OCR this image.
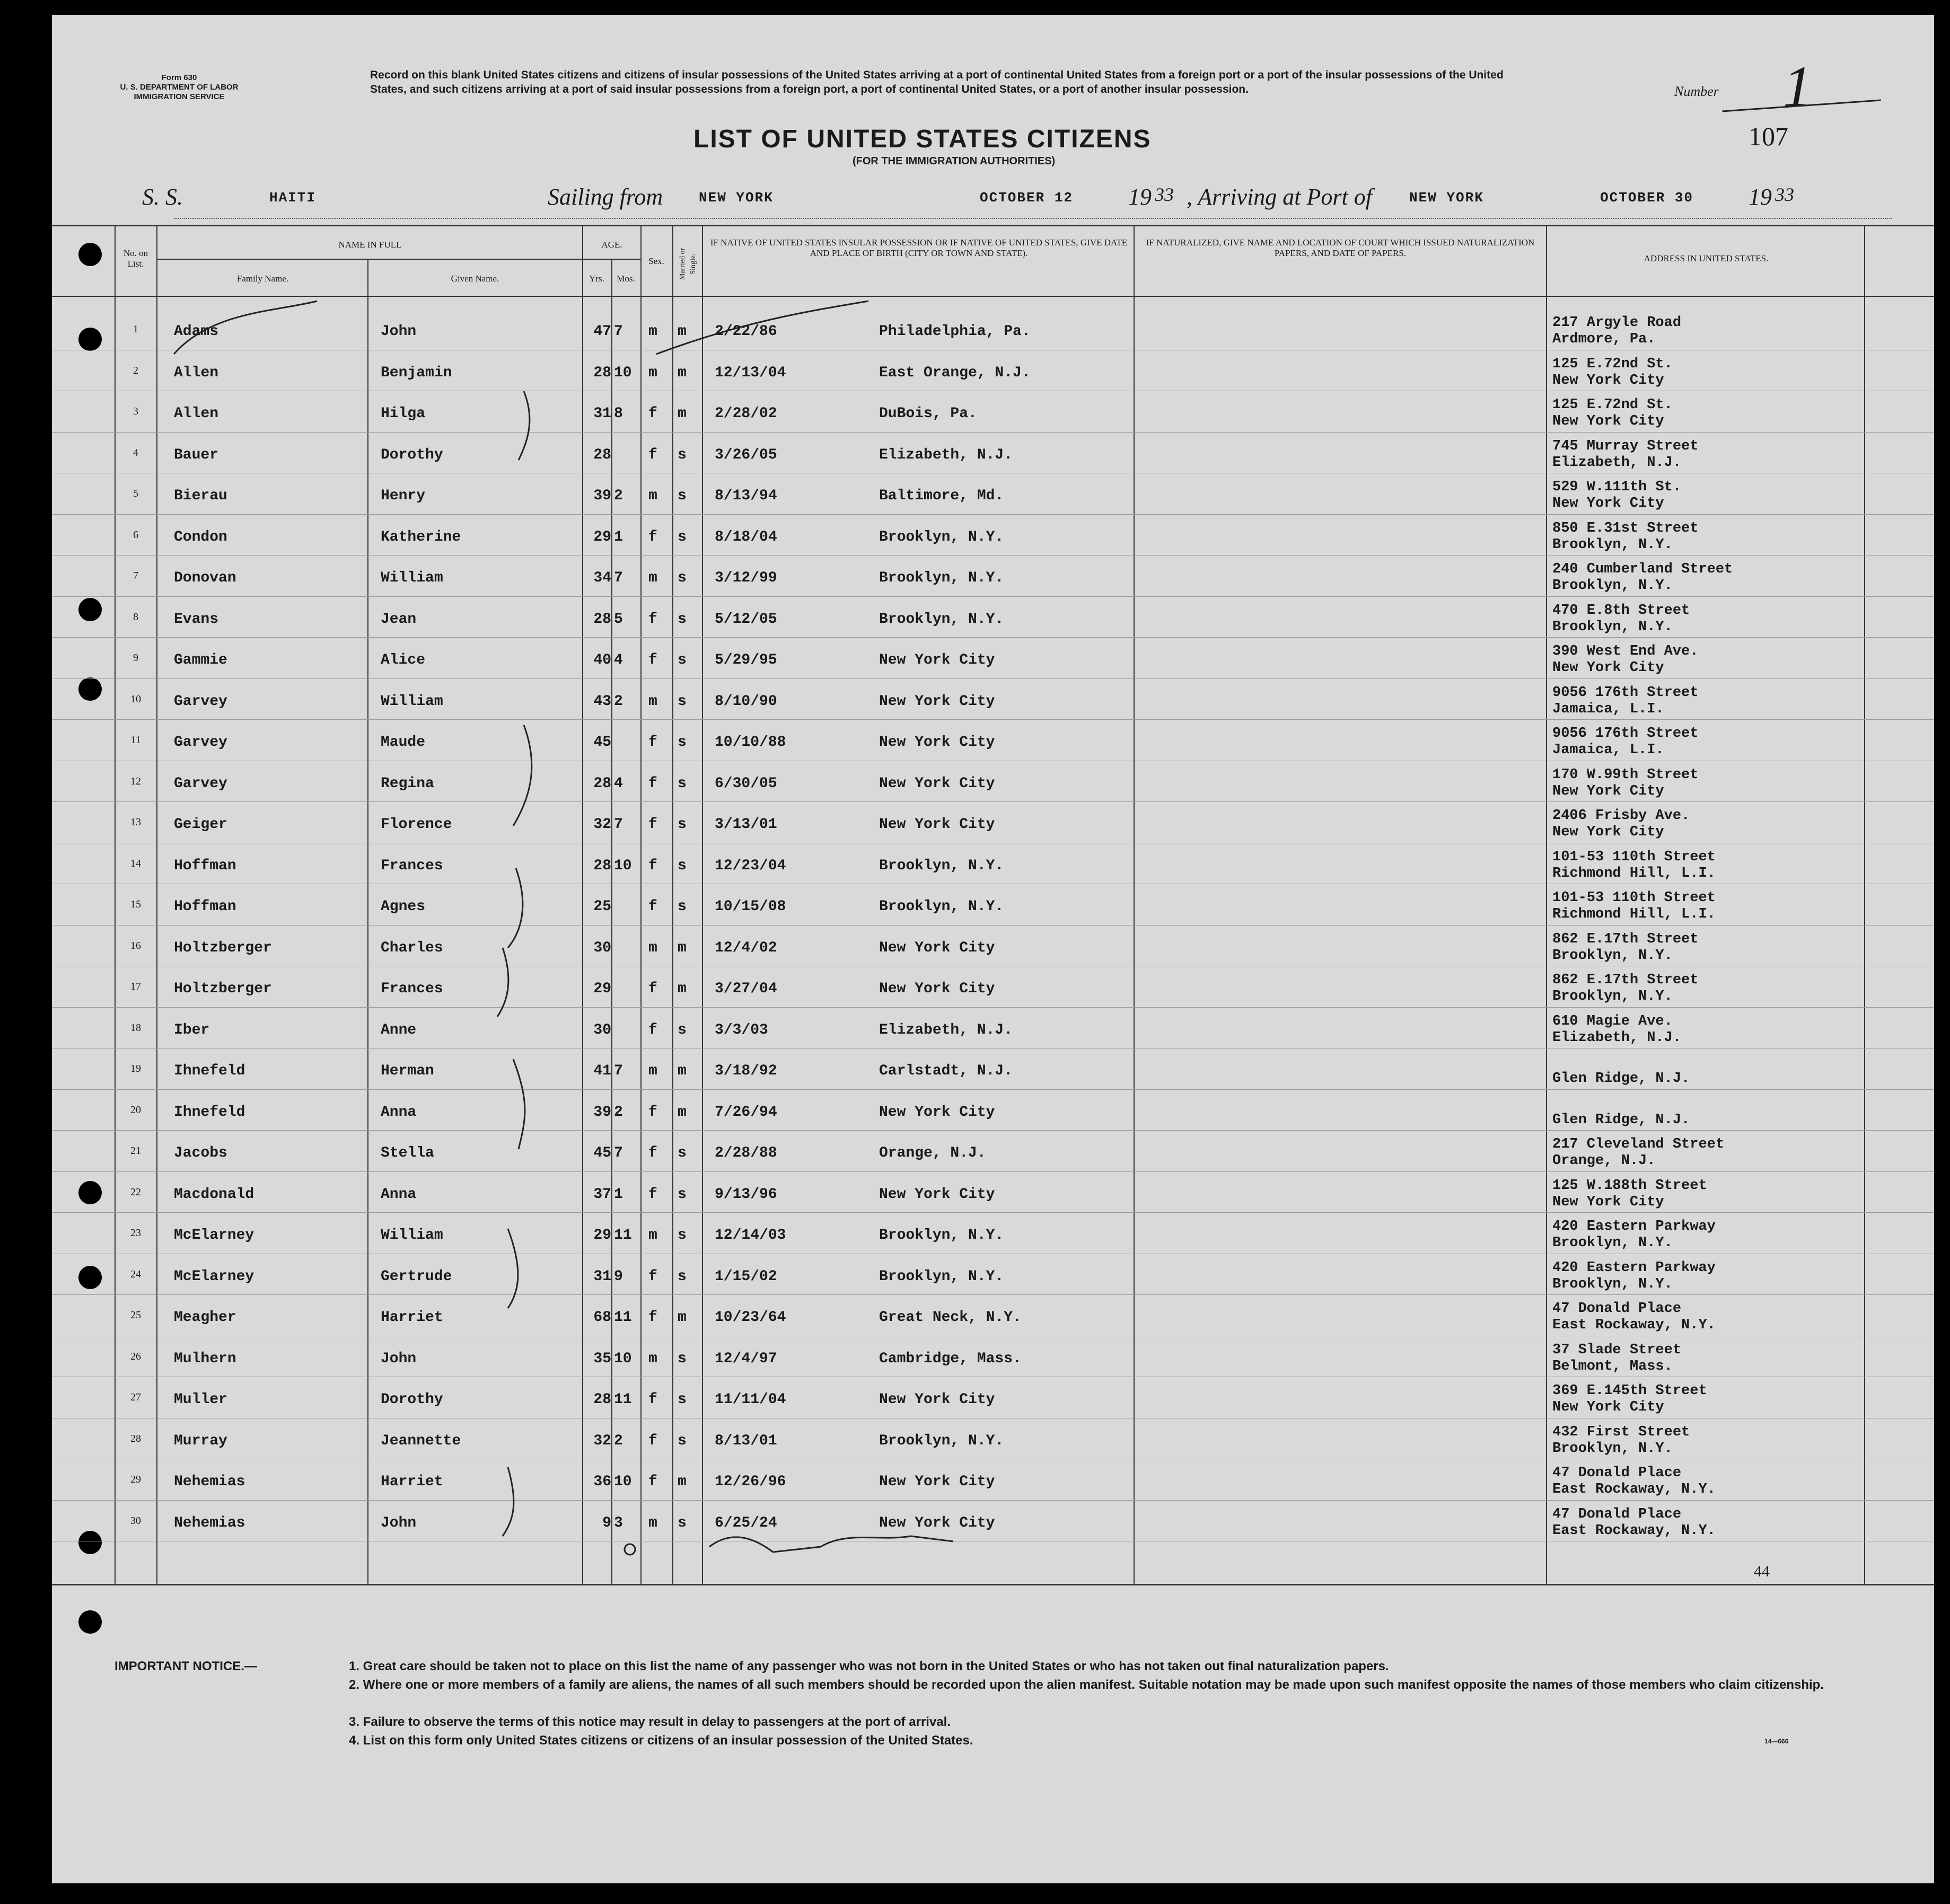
Form 630
U. S. DEPARTMENT OF LABOR
IMMIGRATION SERVICE
Record on this blank United States citizens and citizens of insular possessions of the United States arriving at a port of continental United States from a foreign port or a port of the insular possessions of the United States, and such citizens arriving at a port of said insular possessions from a foreign port, a port of continental United States, or a port of another insular possession.	Number 1
107
LIST OF UNITED STATES CITIZENS
(FOR THE IMMIGRATION AUTHORITIES)
S. S.	HAITI	Sailing from	NEW YORK	OCTOBER 12 19 33 , Arriving at Port of	NEW YORK	OCTOBER 30 19 33
No. on List.
NAME IN FULL
Family Name.	Given Name.
AGE.
Yrs.	Mos.
Sex.	Married or Single.
IF NATIVE OF UNITED STATES INSULAR POSSESSION OR IF NATIVE OF UNITED STATES, GIVE DATE AND PLACE OF BIRTH (CITY OR TOWN AND STATE).
IF NATURALIZED, GIVE NAME AND LOCATION OF COURT WHICH ISSUED NATURALIZATION PAPERS, AND DATE OF PAPERS.
ADDRESS IN UNITED STATES.
1	Adams	John	47 7	m	m	2/22/86	Philadelphia, Pa.
217 Argyle Road
Ardmore, Pa.
2	Allen	Benjamin	28 10	m	m	12/13/04	East Orange, N.J.
125 E.72nd St.
New York City
3	Allen	Hilga	31 8	f	m	2/28/02	DuBois, Pa.
125 E.72nd St.
New York City
4	Bauer	Dorothy	28	f	s	3/26/05	Elizabeth, N.J.
745 Murray Street
Elizabeth, N.J.
5	Bierau	Henry	39 2	m	s	8/13/94	Baltimore, Md.
529 W.111th St.
New York City
6	Condon	Katherine	29 1	f	s	8/18/04	Brooklyn, N.Y.
850 E.31st Street
Brooklyn, N.Y.
7	Donovan	William	34 7	m	s	3/12/99	Brooklyn, N.Y.
240 Cumberland Street
Brooklyn, N.Y.
8	Evans	Jean	28 5	f	s	5/12/05	Brooklyn, N.Y.
470 E.8th Street
Brooklyn, N.Y.
9	Gammie	Alice	40 4	f	s	5/29/95	New York City
390 West End Ave.
New York City
10	Garvey	William	43 2	m	s	8/10/90	New York City
9056 176th Street
Jamaica, L.I.
11	Garvey	Maude	45	f	s	10/10/88	New York City
9056 176th Street
Jamaica, L.I.
12	Garvey	Regina	28 4	f	s	6/30/05	New York City
170 W.99th Street
New York City
13	Geiger	Florence	32 7	f	s	3/13/01	New York City
2406 Frisby Ave.
New York City
14	Hoffman	Frances	28 10	f	s	12/23/04	Brooklyn, N.Y.
101-53 110th Street
Richmond Hill, L.I.
15	Hoffman	Agnes	25	f	s	10/15/08	Brooklyn, N.Y.
101-53 110th Street
Richmond Hill, L.I.
16	Holtzberger	Charles	30	m	m	12/4/02	New York City
862 E.17th Street
Brooklyn, N.Y.
17	Holtzberger	Frances	29	f	m	3/27/04	New York City
862 E.17th Street
Brooklyn, N.Y.
18	Iber	Anne	30	f	s	3/3/03	Elizabeth, N.J.
610 Magie Ave.
Elizabeth, N.J.
19	Ihnefeld	Herman	41 7	m	m	3/18/92	Carlstadt, N.J.	Glen Ridge, N.J.
20	Ihnefeld	Anna	39 2	f	m	7/26/94	New York City	Glen Ridge, N.J.
21	Jacobs	Stella	45 7	f	s	2/28/88	Orange, N.J.
217 Cleveland Street
Orange, N.J.
22	Macdonald	Anna	37 1	f	s	9/13/96	New York City
125 W.188th Street
New York City
23	McElarney	William	29 11	m	s	12/14/03	Brooklyn, N.Y.
420 Eastern Parkway
Brooklyn, N.Y.
24	McElarney	Gertrude	31 9	f	s	1/15/02	Brooklyn, N.Y.
420 Eastern Parkway
Brooklyn, N.Y.
25	Meagher	Harriet	68 11	f	m	10/23/64	Great Neck, N.Y.
47 Donald Place
East Rockaway, N.Y.
26	Mulhern	John	35 10	m	s	12/4/97	Cambridge, Mass.
37 Slade Street
Belmont, Mass.
27	Muller	Dorothy	28 11	f	s	11/11/04	New York City
369 E.145th Street
New York City
28	Murray	Jeannette	32 2	f	s	8/13/01	Brooklyn, N.Y.
432 First Street
Brooklyn, N.Y.
29	Nehemias	Harriet	36 10	f	m	12/26/96	New York City
47 Donald Place
East Rockaway, N.Y.
30	Nehemias	John	9 3	m	s	6/25/24	New York City
47 Donald Place
East Rockaway, N.Y.
44
IMPORTANT NOTICE.—	1. Great care should be taken not to place on this list the name of any passenger who was not born in the United States or who has not taken out final naturalization papers.
2. Where one or more members of a family are aliens, the names of all such members should be recorded upon the alien manifest. Suitable notation may be made upon such manifest opposite the names of those members who claim citizenship.
3. Failure to observe the terms of this notice may result in delay to passengers at the port of arrival.
4. List on this form only United States citizens or citizens of an insular possession of the United States.	14—666
